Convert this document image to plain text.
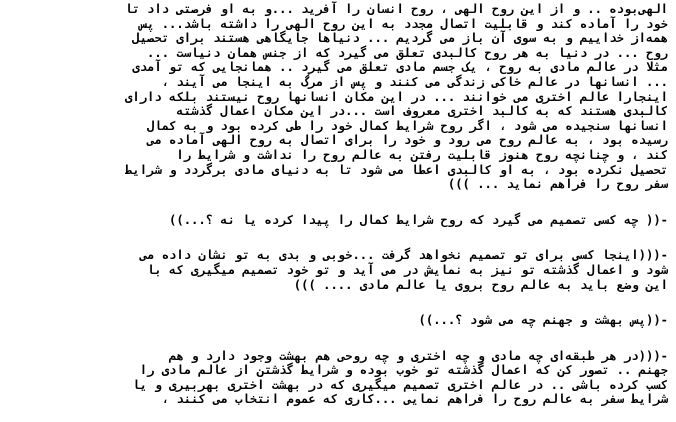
الهی‌بوده .. و از این روح الهی ، روح انسان را آفرید ...و به او فرصتی داد تا
خود را آماده کند و قابلیت اتصال مجدد به این روح الهی را داشته باشد... پس
همه‌از خداییم و به سوی آن باز می گردیم ... دنیاها جایگاهی هستند برای تحصیل
روح ... در دنیا به هر روح کالبدی تعلق می گیرد که از جنس همان دنیاست ...
مثلا در عالم مادی به روح ، یک جسم مادی تعلق می گیرد .. همانجایی که تو آمدی
... انسانها در عالم خاکی زندگی می کنند و پس از مرگ به اینجا می آیند ،
اینجارا عالم اختری می خوانند ... در این مکان انسانها روح نیستند بلکه دارای
کالبدی هستند که به کالبد اختری معروف است ...در این مکان اعمال گذشته
انسانها سنجیده می شود ، اگر روح شرایط کمال خود را طی کرده بود و به کمال
رسیده بود ، به عالم روح می رود و خود را برای اتصال به روح الهی آماده می
کند ، و چنانچه روح هنوز قابلیت رفتن به عالم روح را نداشت و شرایط را
تحصیل نکرده بود ، به او کالبدی اعطا می شود تا به دنیای مادی برگردد و شرایط
سفر روح را فراهم نماید ... )))
-(( چه کسی تصمیم می گیرد که روح شرایط کمال را پیدا کرده یا نه ؟...))
-(((اینجا کسی برای تو تصمیم نخواهد گرفت ...خوبی و بدی به تو نشان داده می
شود و اعمال گذشته تو نیز به نمایش در می آید و تو خود تصمیم میگیری که با
این وضع باید به عالم روح بروی یا عالم مادی .... )))
-((پس بهشت و جهنم چه می شود ؟...))
-(((در هر طبقه‌ای چه مادی و چه اختری و چه روحی هم بهشت وجود دارد و هم
جهنم .. تصور کن که اعمال گذشته تو خوب بوده و شرایط گذشتن از عالم مادی را
کسب کرده باشی .. در عالم اختری تصمیم میگیری که در بهشت اختری بهربیری و یا
شرایط سفر به عالم روح را فراهم نمایی ...کاری که عموم انتخاب می کنند ،
